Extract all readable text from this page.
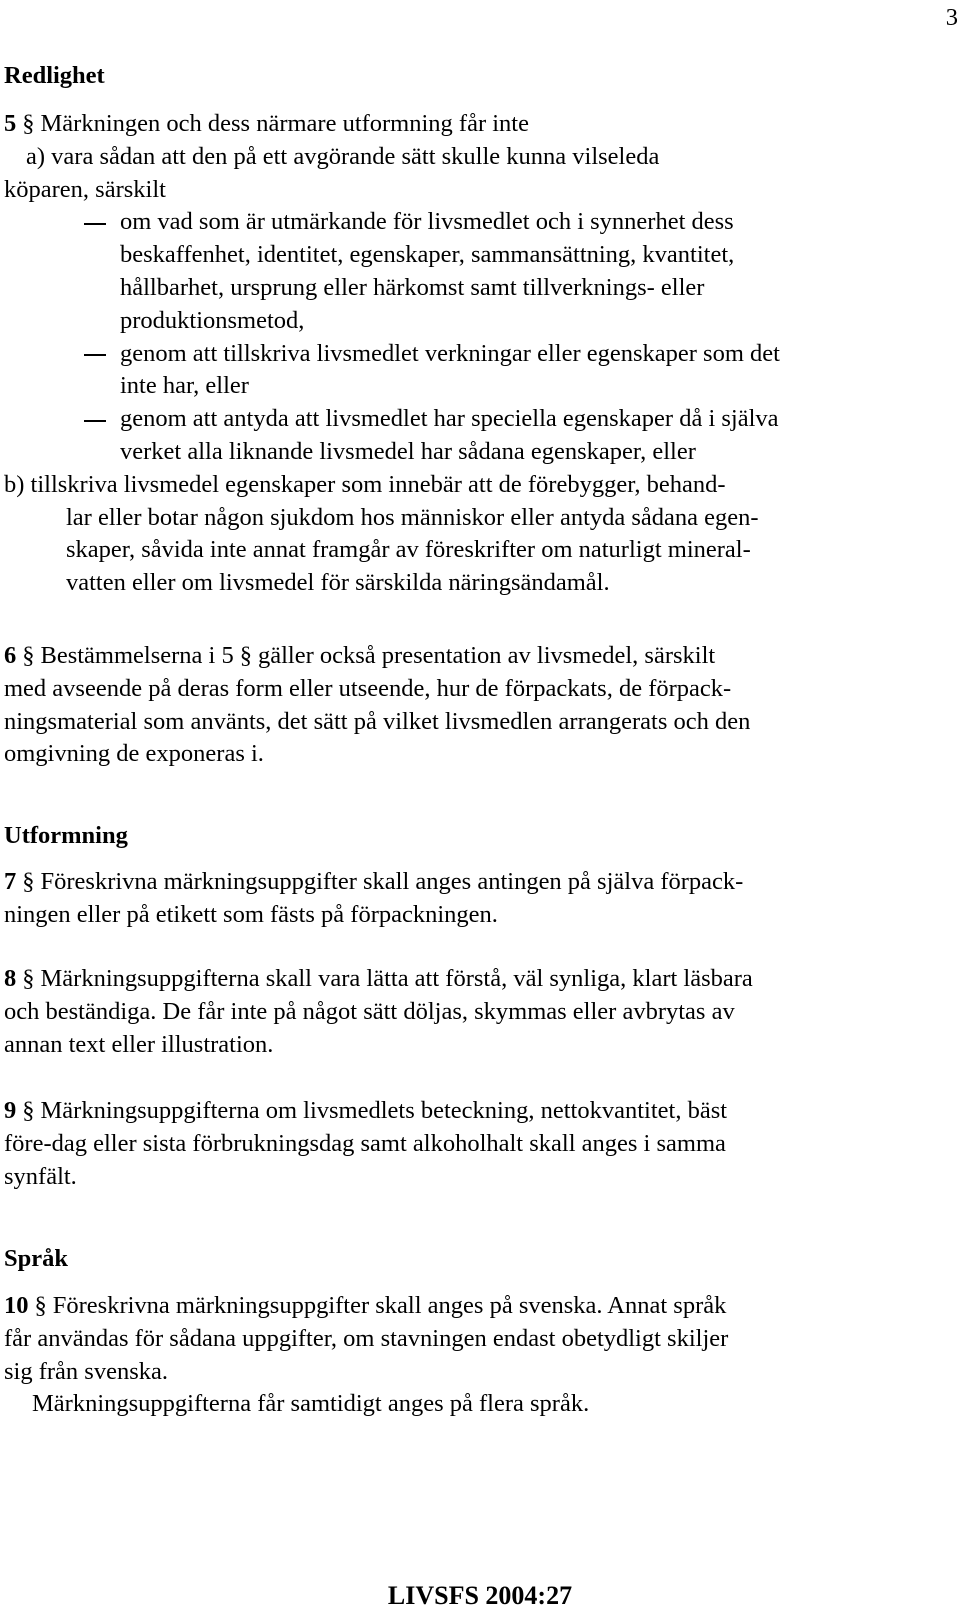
3
Redlighet
5 § Märkningen och dess närmare utformning får inte
a) vara sådan att den på ett avgörande sätt skulle kunna vilseleda
köparen, särskilt
om vad som är utmärkande för livsmedlet och i synnerhet dess
beskaffenhet, identitet, egenskaper, sammansättning, kvantitet,
hållbarhet, ursprung eller härkomst samt tillverknings- eller
produktionsmetod,
genom att tillskriva livsmedlet verkningar eller egenskaper som det
inte har, eller
genom att antyda att livsmedlet har speciella egenskaper då i själva
verket alla liknande livsmedel har sådana egenskaper, eller
b) tillskriva livsmedel egenskaper som innebär att de förebygger, behand-
lar eller botar någon sjukdom hos människor eller antyda sådana egen-
skaper, såvida inte annat framgår av föreskrifter om naturligt mineral-
vatten eller om livsmedel för särskilda näringsändamål.
6 § Bestämmelserna i 5 § gäller också presentation av livsmedel, särskilt
med avseende på deras form eller utseende, hur de förpackats, de förpack-
ningsmaterial som använts, det sätt på vilket livsmedlen arrangerats och den
omgivning de exponeras i.
Utformning
7 § Föreskrivna märkningsuppgifter skall anges antingen på själva förpack-
ningen eller på etikett som fästs på förpackningen.
8 § Märkningsuppgifterna skall vara lätta att förstå, väl synliga, klart läsbara
och beständiga. De får inte på något sätt döljas, skymmas eller avbrytas av
annan text eller illustration.
9 § Märkningsuppgifterna om livsmedlets beteckning, nettokvantitet, bäst
före-dag eller sista förbrukningsdag samt alkoholhalt skall anges i samma
synfält.
Språk
10 § Föreskrivna märkningsuppgifter skall anges på svenska. Annat språk
får användas för sådana uppgifter, om stavningen endast obetydligt skiljer
sig från svenska.
Märkningsuppgifterna får samtidigt anges på flera språk.
LIVSFS 2004:27
